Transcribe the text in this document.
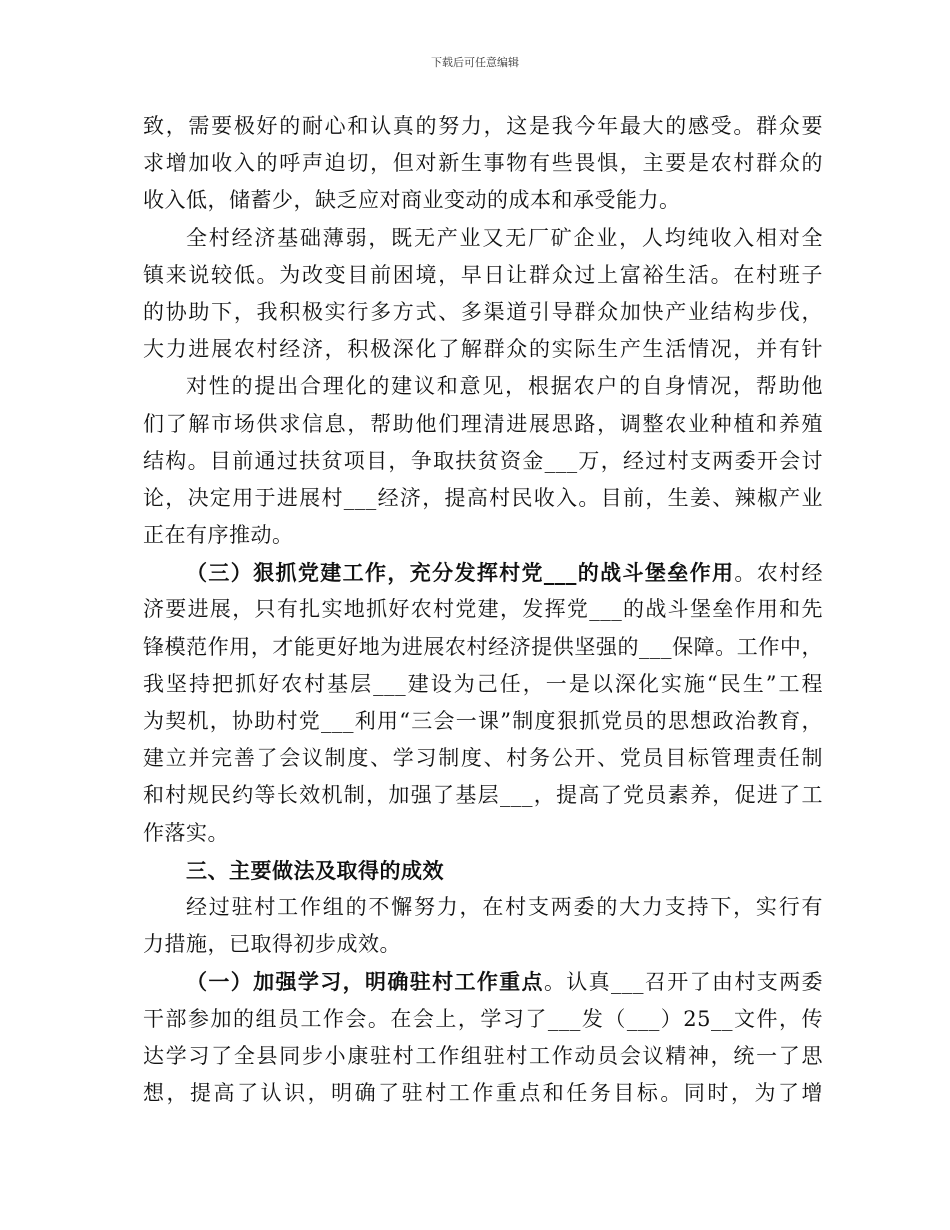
下载后可任意编辑
致，需要极好的耐心和认真的努力，这是我今年最大的感受。群众要
求增加收入的呼声迫切，但对新生事物有些畏惧，主要是农村群众的
收入低，储蓄少，缺乏应对商业变动的成本和承受能力。
全村经济基础薄弱，既无产业又无厂矿企业，人均纯收入相对全
镇来说较低。为改变目前困境，早日让群众过上富裕生活。在村班子
的协助下，我积极实行多方式、多渠道引导群众加快产业结构步伐，
大力进展农村经济，积极深化了解群众的实际生产生活情况，并有针
对性的提出合理化的建议和意见，根据农户的自身情况，帮助他
们了解市场供求信息，帮助他们理清进展思路，调整农业种植和养殖
结构。目前通过扶贫项目，争取扶贫资金___万，经过村支两委开会讨
论，决定用于进展村___经济，提高村民收入。目前，生姜、辣椒产业
正在有序推动。
（三）狠抓党建工作，充分发挥村党___的战斗堡垒作用。农村经
济要进展，只有扎实地抓好农村党建，发挥党___的战斗堡垒作用和先
锋模范作用，才能更好地为进展农村经济提供坚强的___保障。工作中，
我坚持把抓好农村基层___建设为己任，一是以深化实施“民生”工程
为契机，协助村党___利用“三会一课”制度狠抓党员的思想政治教育，
建立并完善了会议制度、学习制度、村务公开、党员目标管理责任制
和村规民约等长效机制，加强了基层___，提高了党员素养，促进了工
作落实。
三、主要做法及取得的成效
经过驻村工作组的不懈努力，在村支两委的大力支持下，实行有
力措施，已取得初步成效。
（一）加强学习，明确驻村工作重点。认真___召开了由村支两委
干部参加的组员工作会。在会上，学习了___发（___）25__文件，传
达学习了全县同步小康驻村工作组驻村工作动员会议精神，统一了思
想，提高了认识，明确了驻村工作重点和任务目标。同时，为了增
